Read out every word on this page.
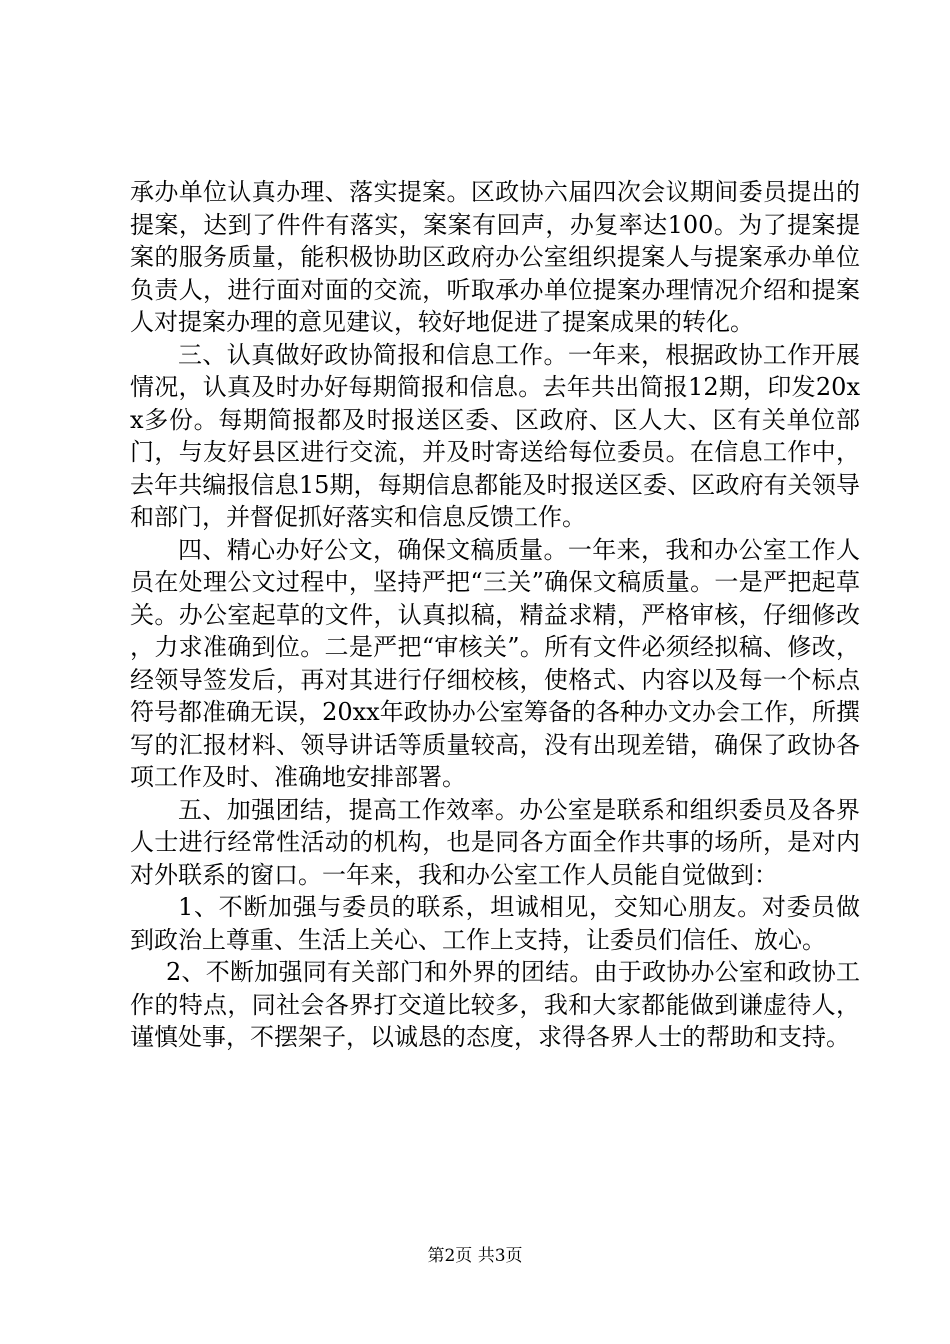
承办单位认真办理、落实提案。区政协六届四次会议期间委员提出的提案，达到了件件有落实，案案有回声，办复率达100。为了提案提案的服务质量，能积极协助区政府办公室组织提案人与提案承办单位负责人，进行面对面的交流，听取承办单位提案办理情况介绍和提案人对提案办理的意见建议，较好地促进了提案成果的转化。

三、认真做好政协简报和信息工作。一年来，根据政协工作开展情况，认真及时办好每期简报和信息。去年共出简报12期，印发20xx多份。每期简报都及时报送区委、区政府、区人大、区有关单位部门，与友好县区进行交流，并及时寄送给每位委员。在信息工作中，去年共编报信息15期，每期信息都能及时报送区委、区政府有关领导和部门，并督促抓好落实和信息反馈工作。

四、精心办好公文，确保文稿质量。一年来，我和办公室工作人员在处理公文过程中，坚持严把“三关”确保文稿质量。一是严把起草关。办公室起草的文件，认真拟稿，精益求精，严格审核，仔细修改，力求准确到位。二是严把“审核关”。所有文件必须经拟稿、修改，经领导签发后，再对其进行仔细校核，使格式、内容以及每一个标点符号都准确无误，20xx年政协办公室筹备的各种办文办会工作，所撰写的汇报材料、领导讲话等质量较高，没有出现差错，确保了政协各项工作及时、准确地安排部署。

五、加强团结，提高工作效率。办公室是联系和组织委员及各界人士进行经常性活动的机构，也是同各方面全作共事的场所，是对内对外联系的窗口。一年来，我和办公室工作人员能自觉做到：

1、不断加强与委员的联系，坦诚相见，交知心朋友。对委员做到政治上尊重、生活上关心、工作上支持，让委员们信任、放心。

2、不断加强同有关部门和外界的团结。由于政协办公室和政协工作的特点，同社会各界打交道比较多，我和大家都能做到谦虚待人，谨慎处事，不摆架子，以诚恳的态度，求得各界人士的帮助和支持。

第2页 共3页
